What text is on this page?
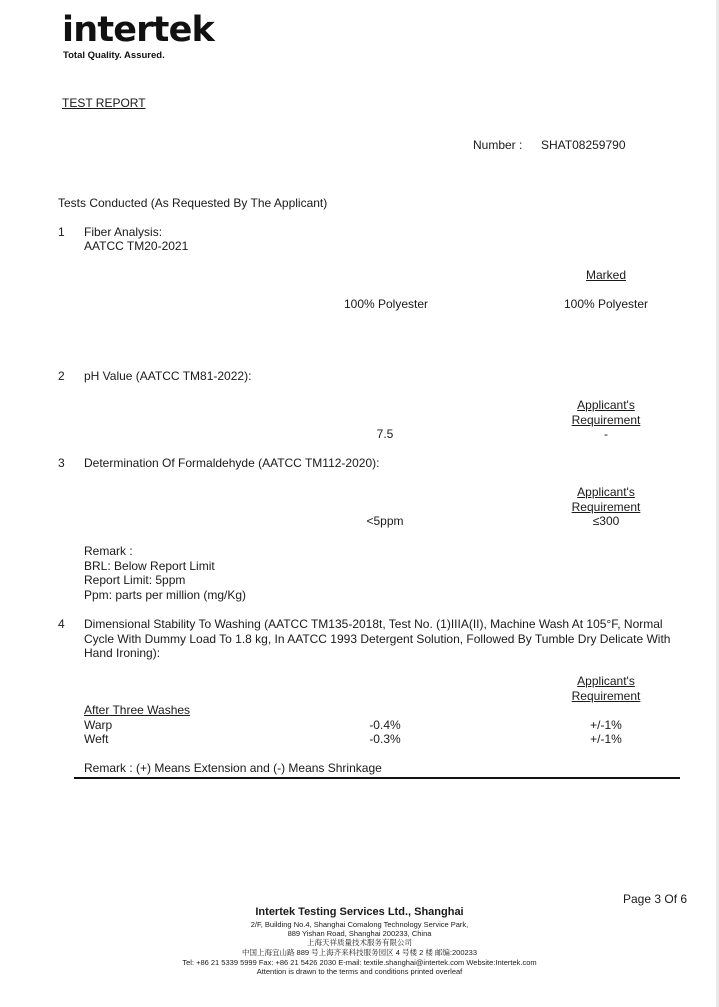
intertek
Total Quality. Assured.
TEST REPORT
Number : SHAT08259790
Tests Conducted (As Requested By The Applicant)
1 Fiber Analysis:
AATCC TM20-2021
Marked
100% Polyester	100% Polyester
2 pH Value (AATCC TM81-2022):
Applicant's
Requirement
7.5	-
3 Determination Of Formaldehyde (AATCC TM112-2020):
Applicant's
Requirement
<5ppm	≤300
Remark :
BRL: Below Report Limit
Report Limit: 5ppm
Ppm: parts per million (mg/Kg)
4 Dimensional Stability To Washing (AATCC TM135-2018t, Test No. (1)IIIA(II), Machine Wash At 105°F, Normal
Cycle With Dummy Load To 1.8 kg, In AATCC 1993 Detergent Solution, Followed By Tumble Dry Delicate With
Hand Ironing):
Applicant's
Requirement
After Three Washes
Warp	-0.4%	+/-1%
Weft	-0.3%	+/-1%
Remark : (+) Means Extension and (-) Means Shrinkage
Page 3 Of 6
Intertek Testing Services Ltd., Shanghai
2/F, Building No.4, Shanghai Comalong Technology Service Park,
889 Yishan Road, Shanghai 200233, China
上海天祥质量技术服务有限公司
中国上海宜山路 889 号上海齐来科技服务园区 4 号楼 2 楼 邮编:200233
Tel: +86 21 5339 5999 Fax: +86 21 5426 2030 E-mail: textile.shanghai@intertek.com Website:Intertek.com
Attention is drawn to the terms and conditions printed overleaf
